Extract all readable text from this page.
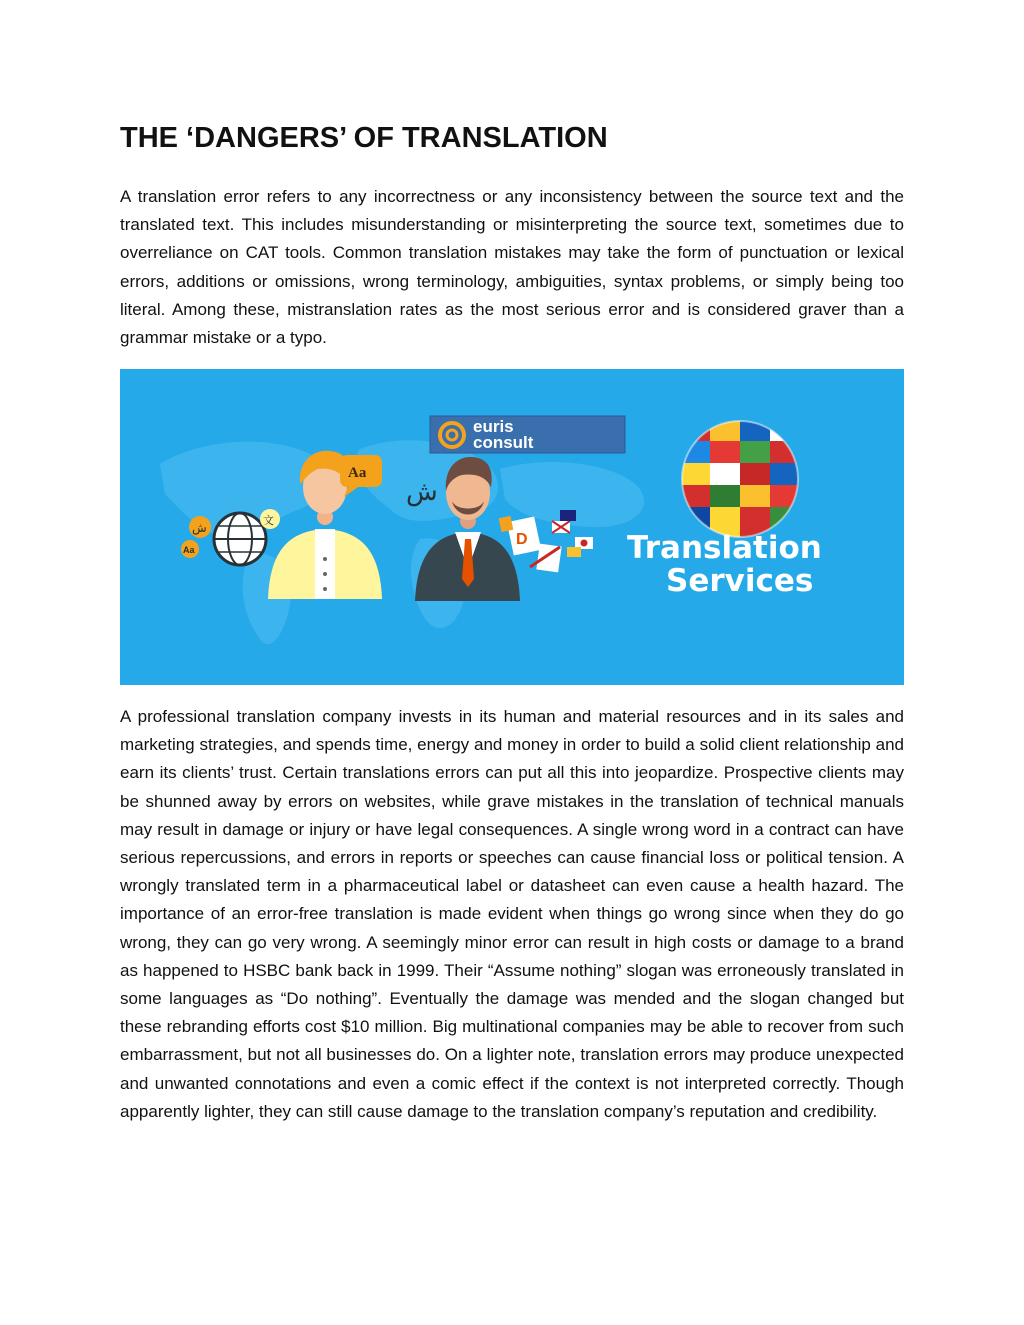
THE ‘DANGERS’ OF TRANSLATION

A translation error refers to any incorrectness or any inconsistency between the source text and the translated text. This includes misunderstanding or misinterpreting the source text, sometimes due to overreliance on CAT tools. Common translation mistakes may take the form of punctuation or lexical errors, additions or omissions, wrong terminology, ambiguities, syntax problems, or simply being too literal. Among these, mistranslation rates as the most serious error and is considered graver than a grammar mistake or a typo.

euris
consult
Translation
Services
Aa
ش
ش
文
Aa
D

A professional translation company invests in its human and material resources and in its sales and marketing strategies, and spends time, energy and money in order to build a solid client relationship and earn its clients’ trust. Certain translations errors can put all this into jeopardize. Prospective clients may be shunned away by errors on websites, while grave mistakes in the translation of technical manuals may result in damage or injury or have legal consequences. A single wrong word in a contract can have serious repercussions, and errors in reports or speeches can cause financial loss or political tension. A wrongly translated term in a pharmaceutical label or datasheet can even cause a health hazard. The importance of an error-free translation is made evident when things go wrong since when they do go wrong, they can go very wrong. A seemingly minor error can result in high costs or damage to a brand as happened to HSBC bank back in 1999. Their “Assume nothing” slogan was erroneously translated in some languages as “Do nothing”. Eventually the damage was mended and the slogan changed but these rebranding efforts cost $10 million. Big multinational companies may be able to recover from such embarrassment, but not all businesses do. On a lighter note, translation errors may produce unexpected and unwanted connotations and even a comic effect if the context is not interpreted correctly. Though apparently lighter, they can still cause damage to the translation company’s reputation and credibility.
